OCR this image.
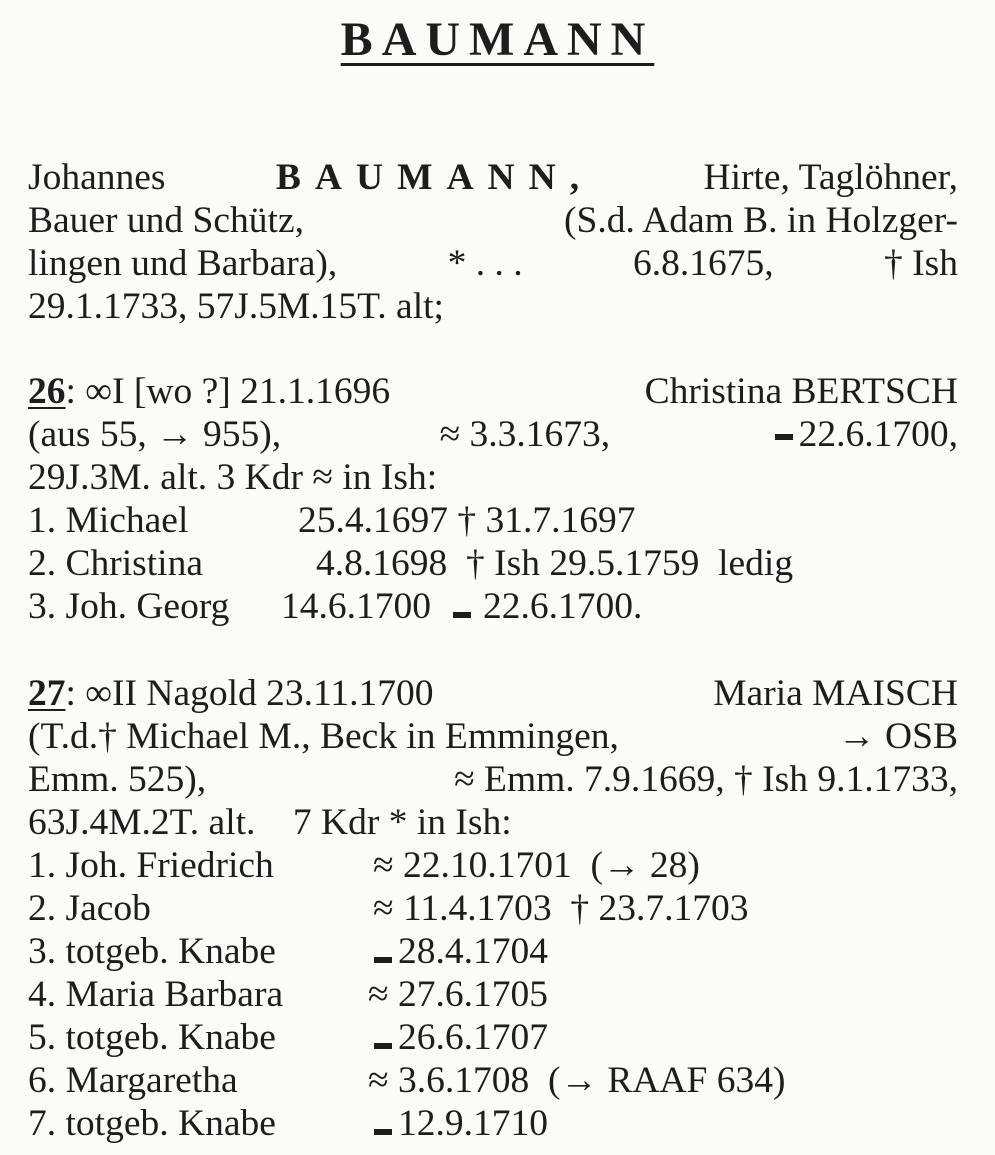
BAUMANN
Johannes	BAUMANN,	Hirte, Taglöhner,
Bauer und Schütz,	(S.d. Adam B. in Holzger-
lingen und Barbara),	* . . .	6.8.1675,	† Ish
29.1.1733, 57J.5M.15T. alt;
26: ∞I [wo ?] 21.1.1696	Christina BERTSCH
(aus 55, → 955),	≈ 3.3.1673,	22.6.1700,
29J.3M. alt. 3 Kdr ≈ in Ish:
1. Michael	25.4.1697 † 31.7.1697
2. Christina	4.8.1698  † Ish 29.5.1759  ledig
3. Joh. Georg	14.6.1700 22.6.1700.
27: ∞II Nagold 23.11.1700	Maria MAISCH
(T.d.† Michael M., Beck in Emmingen,	→ OSB
Emm. 525),	≈ Emm. 7.9.1669, † Ish 9.1.1733,
63J.4M.2T. alt.    7 Kdr * in Ish:
1. Joh. Friedrich	≈ 22.10.1701  (→ 28)
2. Jacob	≈ 11.4.1703  † 23.7.1703
3. totgeb. Knabe	28.4.1704
4. Maria Barbara	≈ 27.6.1705
5. totgeb. Knabe	26.6.1707
6. Margaretha	≈ 3.6.1708  (→ RAAF 634)
7. totgeb. Knabe	12.9.1710
